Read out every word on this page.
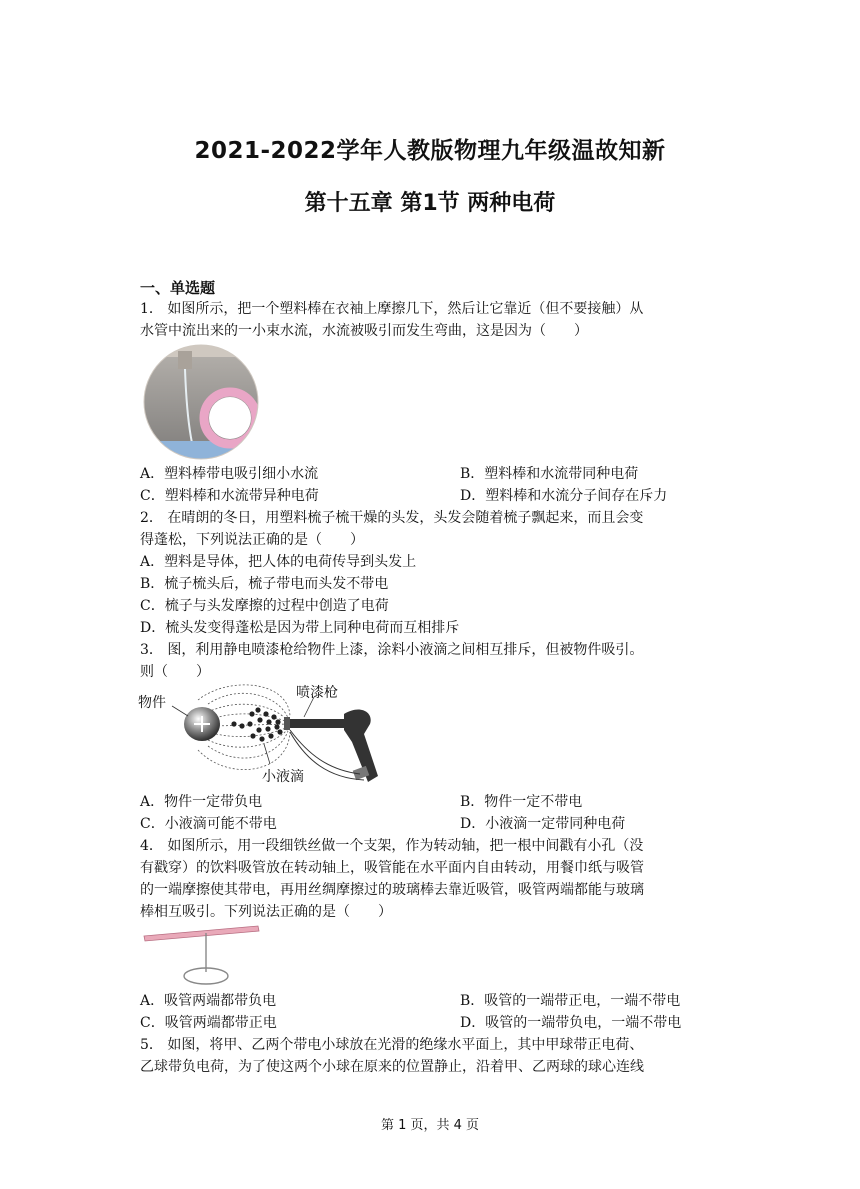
2021-2022学年人教版物理九年级温故知新
第十五章 第1节 两种电荷
一、单选题
1． 如图所示，把一个塑料棒在衣袖上摩擦几下，然后让它靠近（但不要接触）从
水管中流出来的一小束水流，水流被吸引而发生弯曲，这是因为（　　）
A．塑料棒带电吸引细小水流	B．塑料棒和水流带同种电荷
C．塑料棒和水流带异种电荷	D．塑料棒和水流分子间存在斥力
2． 在晴朗的冬日，用塑料梳子梳干燥的头发，头发会随着梳子飘起来，而且会变
得蓬松，下列说法正确的是（　　）
A．塑料是导体，把人体的电荷传导到头发上
B．梳子梳头后，梳子带电而头发不带电
C．梳子与头发摩擦的过程中创造了电荷
D．梳头发变得蓬松是因为带上同种电荷而互相排斥
3． 图，利用静电喷漆枪给物件上漆，涂料小液滴之间相互排斥，但被物件吸引。
则（　　）
物件
喷漆枪
小液滴
A．物件一定带负电	B．物件一定不带电
C．小液滴可能不带电	D．小液滴一定带同种电荷
4． 如图所示，用一段细铁丝做一个支架，作为转动轴，把一根中间戳有小孔（没
有戳穿）的饮料吸管放在转动轴上，吸管能在水平面内自由转动，用餐巾纸与吸管
的一端摩擦使其带电，再用丝绸摩擦过的玻璃棒去靠近吸管，吸管两端都能与玻璃
棒相互吸引。下列说法正确的是（　　）
A．吸管两端都带负电	B．吸管的一端带正电，一端不带电
C．吸管两端都带正电	D．吸管的一端带负电，一端不带电
5． 如图，将甲、乙两个带电小球放在光滑的绝缘水平面上，其中甲球带正电荷、
乙球带负电荷，为了使这两个小球在原来的位置静止，沿着甲、乙两球的球心连线
第 1 页，共 4 页
